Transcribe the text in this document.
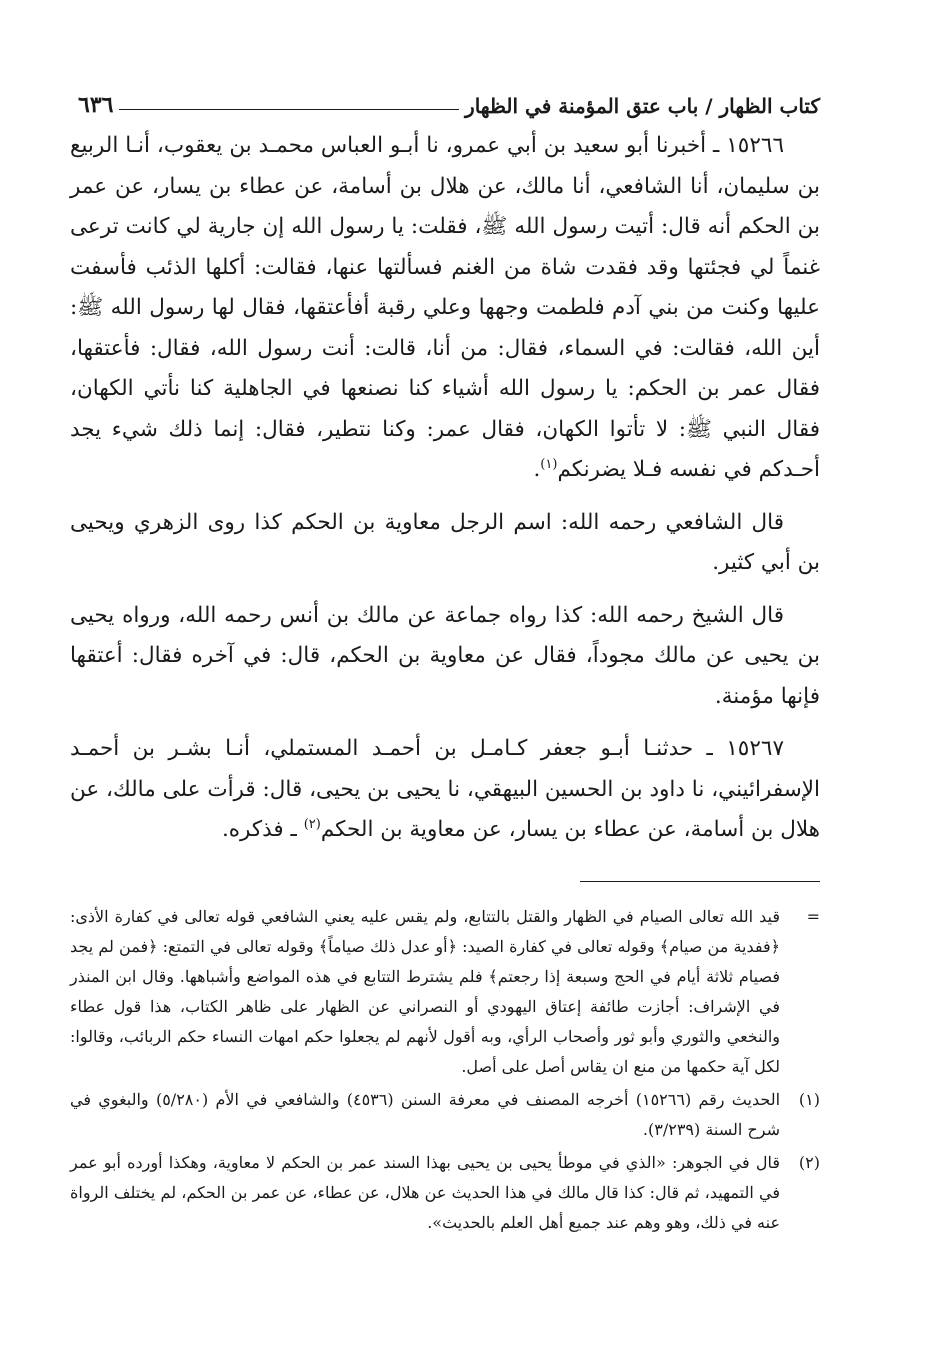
كتاب الظهار / باب عتق المؤمنة في الظهار
٦٣٦

١٥٢٦٦ ـ أخبرنا أبو سعيد بن أبي عمرو، نا أبـو العباس محمـد بن يعقوب، أنـا الربيع بن سليمان، أنا الشافعي، أنا مالك، عن هلال بن أسامة، عن عطاء بن يسار، عن عمر بن الحكم أنه قال: أتيت رسول الله ﷺ، فقلت: يا رسول الله إن جارية لي كانت ترعى غنماً لي فجئتها وقد فقدت شاة من الغنم فسألتها عنها، فقالت: أكلها الذئب فأسفت عليها وكنت من بني آدم فلطمت وجهها وعلي رقبة أفأعتقها، فقال لها رسول الله ﷺ: أين الله، فقالت: في السماء، فقال: من أنا، قالت: أنت رسول الله، فقال: فأعتقها، فقال عمر بن الحكم: يا رسول الله أشياء كنا نصنعها في الجاهلية كنا نأتي الكهان، فقال النبي ﷺ: لا تأتوا الكهان، فقال عمر: وكنا نتطير، فقال: إنما ذلك شيء يجد أحـدكم في نفسه فـلا يضرنكم$^{(١)}$.

قال الشافعي رحمه الله: اسم الرجل معاوية بن الحكم كذا روى الزهري ويحيى بن أبي كثير.

قال الشيخ رحمه الله: كذا رواه جماعة عن مالك بن أنس رحمه الله، ورواه يحيى بن يحيى عن مالك مجوداً، فقال عن معاوية بن الحكم، قال: في آخره فقال: أعتقها فإنها مؤمنة.

١٥٢٦٧ ـ حدثنـا أبـو جعفر كـامـل بن أحمـد المستملي، أنـا بشـر بن أحمـد الإسفرائيني، نا داود بن الحسين البيهقي، نا يحيى بن يحيى، قال: قرأت على مالك، عن هلال بن أسامة، عن عطاء بن يسار، عن معاوية بن الحكم$^{(٢)}$ ـ فذكره.

=
قيد الله تعالى الصيام في الظهار والقتل بالتتابع، ولم يقس عليه يعني الشافعي قوله تعالى في كفارة الأذى: ﴿ففدية من صيام﴾ وقوله تعالى في كفارة الصيد: ﴿أو عدل ذلك صياماً﴾ وقوله تعالى في التمتع: ﴿فمن لم يجد فصيام ثلاثة أيام في الحج وسبعة إذا رجعتم﴾ فلم يشترط التتابع في هذه المواضع وأشباهها. وقال ابن المنذر في الإشراف: أجازت طائفة إعتاق اليهودي أو النصراني عن الظهار على ظاهر الكتاب، هذا قول عطاء والنخعي والثوري وأبو ثور وأصحاب الرأي، وبه أقول لأنهم لم يجعلوا حكم امهات النساء حكم الربائب، وقالوا: لكل آية حكمها من منع ان يقاس أصل على أصل.
(١)
الحديث رقم (١٥٢٦٦) أخرجه المصنف في معرفة السنن (٤٥٣٦) والشافعي في الأم (٥/٢٨٠) والبغوي في شرح السنة (٣/٢٣٩).
(٢)
قال في الجوهر: «الذي في موطأ يحيى بن يحيى بهذا السند عمر بن الحكم لا معاوية، وهكذا أورده أبو عمر في التمهيد، ثم قال: كذا قال مالك في هذا الحديث عن هلال، عن عطاء، عن عمر بن الحكم، لم يختلف الرواة عنه في ذلك، وهو وهم عند جميع أهل العلم بالحديث».
